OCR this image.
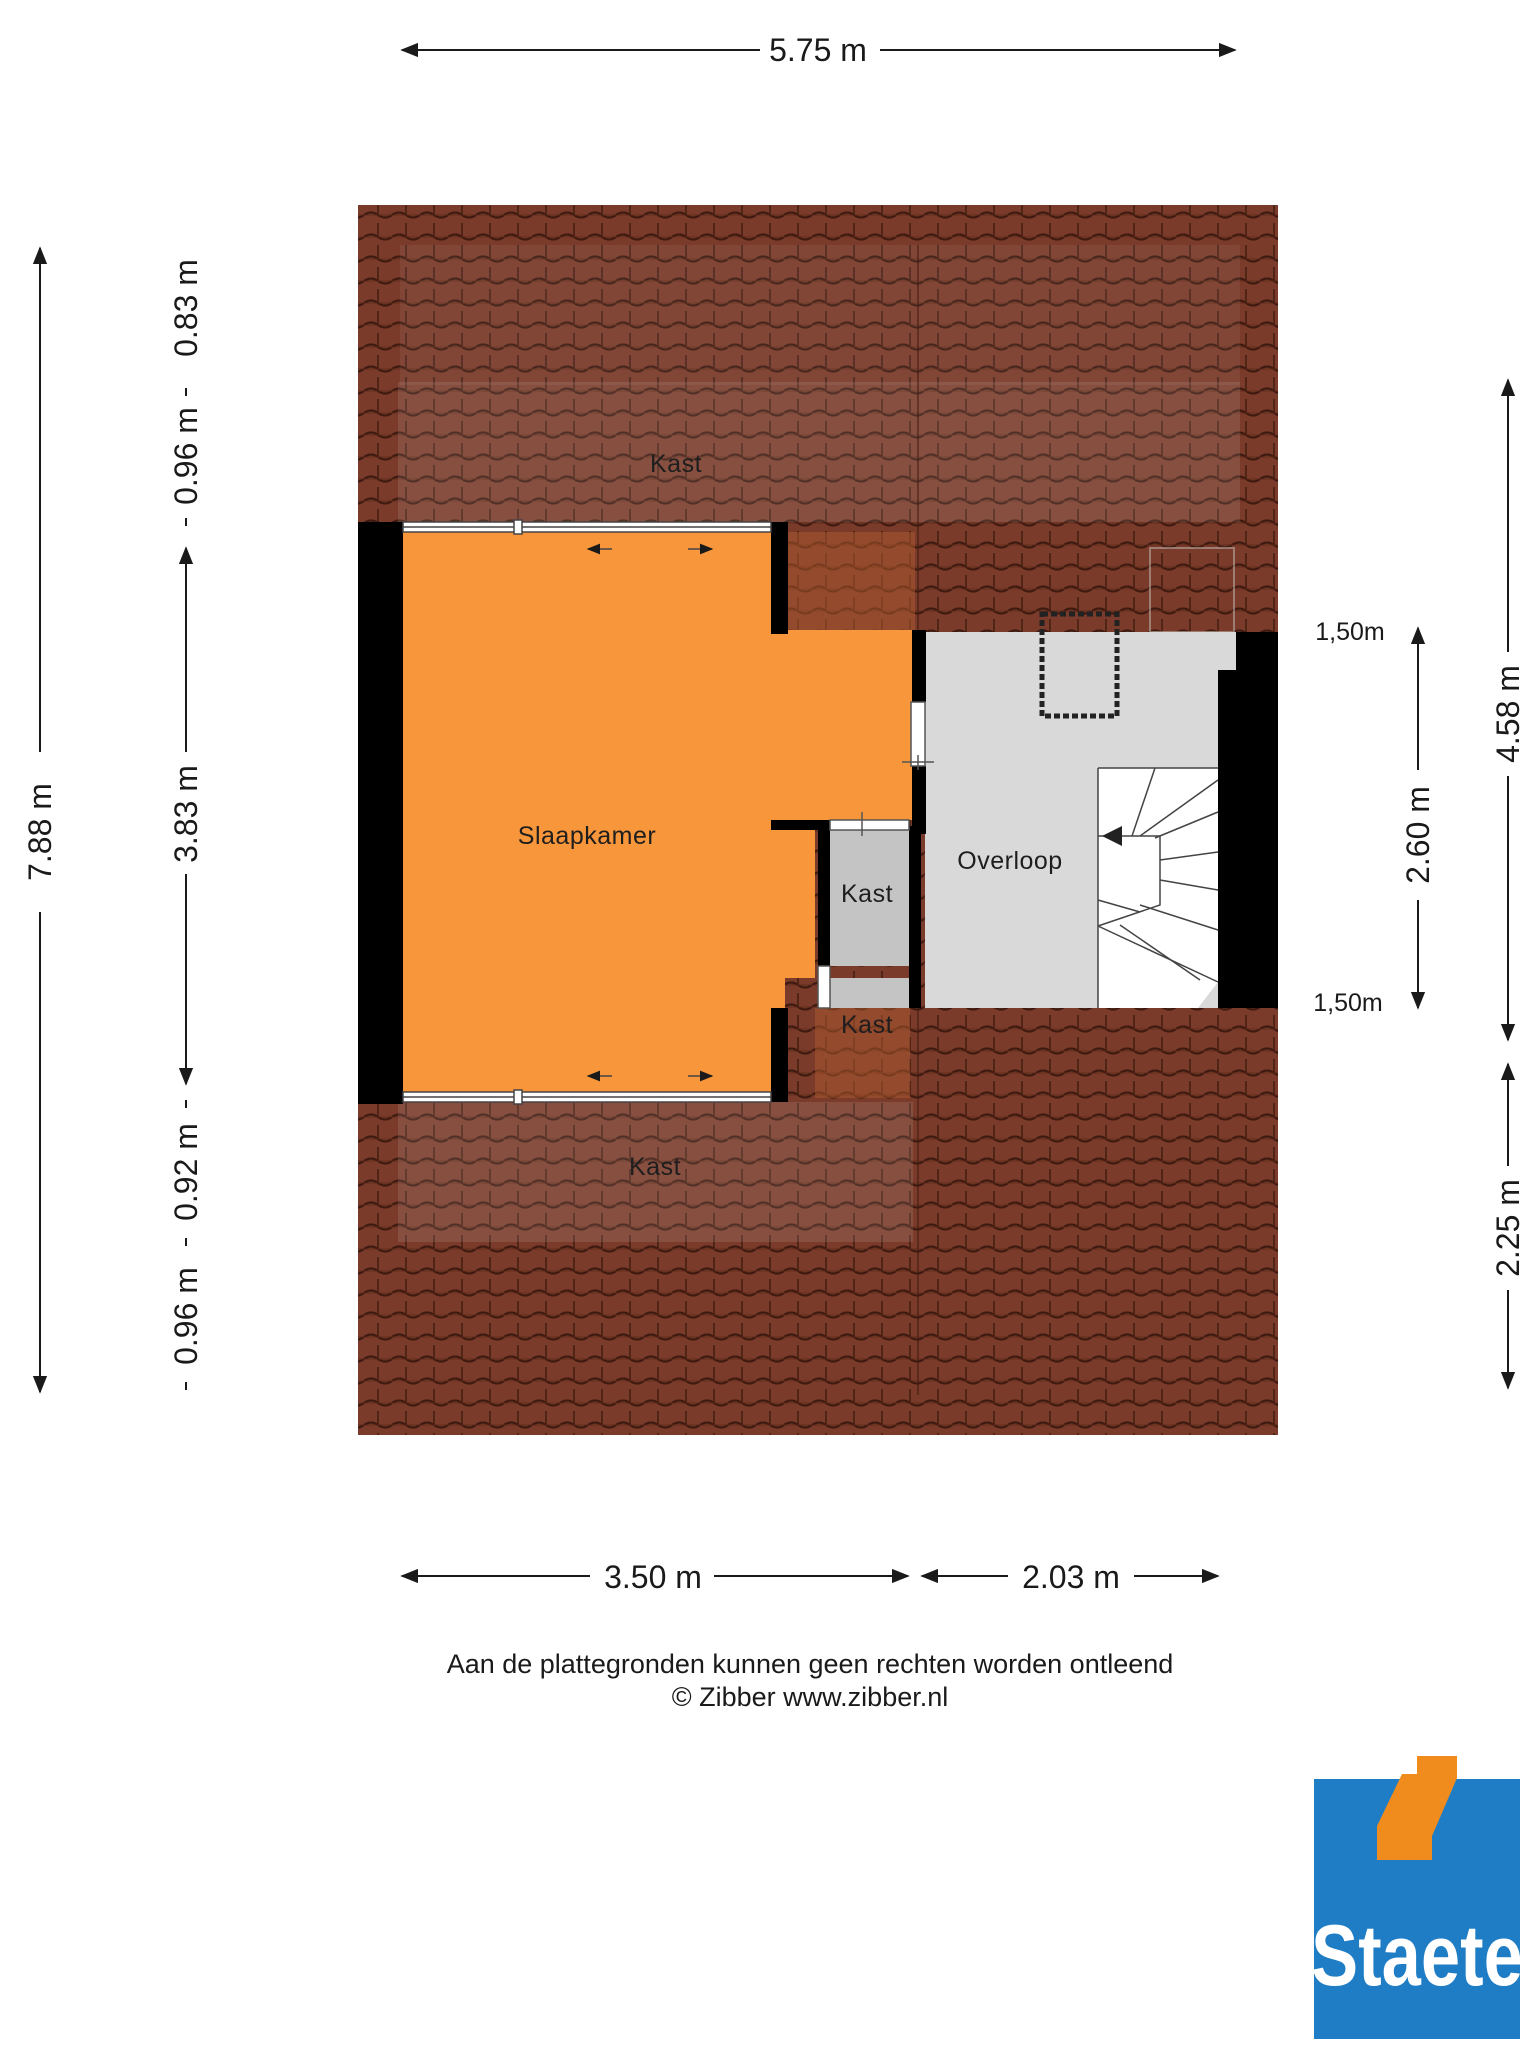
Slaapkamer
Overloop
Kast
Kast
Kast
Kast
5.75 m
3.50 m	2.03 m
7.88 m
0.83 m
0.96 m
3.83 m
0.92 m
0.96 m
4.58 m
2.25 m
2.60 m
1,50m
1,50m
Staete
Aan de plattegronden kunnen geen rechten worden ontleend
© Zibber www.zibber.nl
